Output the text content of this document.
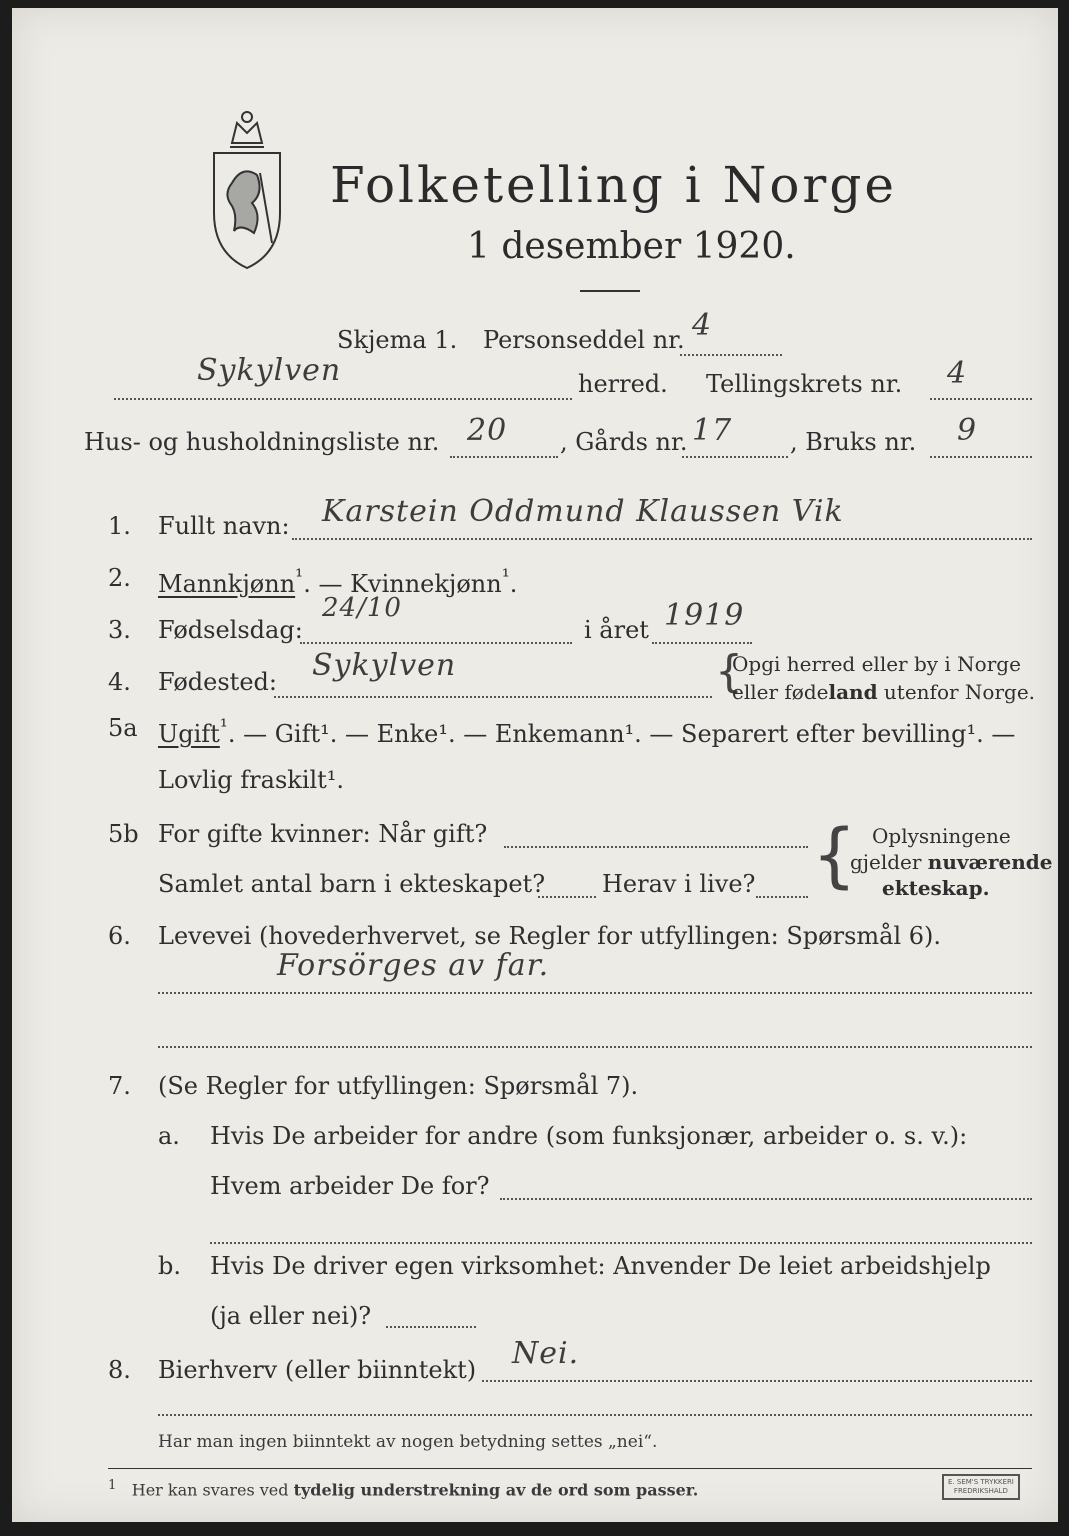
Folketelling i Norge
1 desember 1920.
Skjema 1. Personseddel nr. 4
Sykylven	herred. Tellingskrets nr. 4
Hus- og husholdningsliste nr. 20 , Gårds nr. 17 , Bruks nr. 9
1. Fullt navn: Karstein Oddmund Klaussen Vik
2. Mannkjønn$^{^1}$. — Kvinnekjønn$^{^1}$.
3. Fødselsdag:
24/10
i året 1919
4. Fødested: Sykylven	{
Opgi herred eller by i Norge
eller fødeland utenfor Norge.
5a Ugift$^{^1}$. — Gift¹. — Enke¹. — Enkemann¹. — Separert efter bevilling¹. —
Lovlig fraskilt¹.
5b For gifte kvinner: Når gift?
Samlet antal barn i ekteskapet? Herav i live? { Oplysningene
gjelder nuværende
ekteskap.
6. Levevei (hovederhvervet, se Regler for utfyllingen: Spørsmål 6).
Forsörges av far.
7. (Se Regler for utfyllingen: Spørsmål 7).
a. Hvis De arbeider for andre (som funksjonær, arbeider o. s. v.):
Hvem arbeider De for?
b. Hvis De driver egen virksomhet: Anvender De leiet arbeidshjelp
(ja eller nei)?
8. Bierhverv (eller biinntekt) Nei.
Har man ingen biinntekt av nogen betydning settes „nei“.
$^1$ Her kan svares ved tydelig understrekning av de ord som passer.	E. SEM'S TRYKKERI
FREDRIKSHALD
